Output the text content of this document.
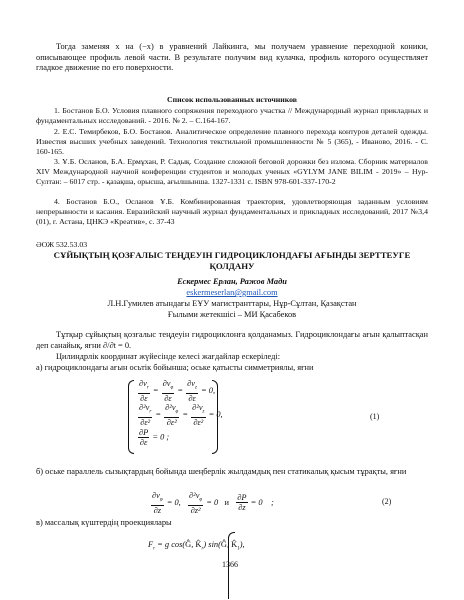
Тогда заменяя x на (−x) в уравнений Лайкинга, мы получаем уравнение переходной коники, описывающее профиль левой части. В результате получим вид кулачка, профиль которого осуществляет гладкое движение по его поверхности.
Список использованных источников
1. Бостанов Б.О. Условия плавного сопряжения переходного участка // Международный журнал прикладных и фундаментальных исследований. - 2016. № 2. – С.164-167.
2. Е.С. Темирбеков, Б.О. Бостанов. Аналитическое определение плавного перехода контуров деталей одежды. Известия высших учебных заведений. Технология текстильной промышленности № 5 (365), - Иваново, 2016. - С. 160-165.
3. Ұ.Б. Осланов, Б.А. Ермұхан, Р. Садық. Создание сложной беговой дорожки без излома. Сборник материалов XIV Международной научной конференции студентов и молодых ученых «GYLYM JANE BILIM - 2019» – Нур-Султан: – 6017 стр. - қазақша, орысша, ағылшынша. 1327-1331 с. ISBN 978-601-337-170-2
4. Бостанов Б.О., Осланов Ұ.Б. Комбинированная траектория, удовлетворяющая заданным условиям непрерывности и касания. Евразийский научный журнал фундаментальных и прикладных исследований, 2017 №3,4 (01), г. Астана, ЦНКЭ «Креатив», с. 37-43
ӘОЖ 532.53.03
СҰЙЫҚТЫҢ ҚОЗҒАЛЫС ТЕҢДЕУІН ГИДРОЦИКЛОНДАҒЫ АҒЫНДЫ ЗЕРТТЕУГЕ ҚОЛДАНУ
Ескермес Ерлан, Ражов Мади
eskermeserlan@gmail.com
Л.Н.Гумилев атындағы ЕҰУ магистранттары, Нұр-Сұлтан, Қазақстан
Ғылыми жетекшісі – МИ Қасабеков
Тұтқыр сұйықтың қозғалыс теңдеуін гидроциклонға қолданамыз. Гидроциклондағы ағын қалыптасқан деп санайық, яғни ∂/∂t = 0.
Цилиндрлік координат жүйесінде келесі жағдайлар ескеріледі:
а) гидроциклондағы ағын осьтік бойынша; оське қатысты симметриялы, яғни
$\frac{\partial v_r}{\partial\varepsilon} = \frac{\partial v_\varphi}{\partial\varepsilon} = \frac{\partial v_z}{\partial\varepsilon} = 0$,
$\frac{\partial^2v_r}{\text{∂ε²}} = \frac{\partial^2v_\varphi}{\text{∂ε²}} = \frac{\partial^2v_z}{\text{∂ε²}} = 0$,
$\frac{\partial P}{\partial\varepsilon} = 0$ ;
(1)
б) оське параллель сызықтардың бойында шеңберлік жылдамдық пен статикалық қысым тұрақты, яғни
$\frac{\partial v_\varphi}{\partial z} = 0$, $\frac{\partial^2v_\varphi}{\text{∂z²}} = 0$   и $\frac{\partial P}{\partial z} = 0$    ;	(2)
в) массалық күштердің проекциялары
$F_r = g$ cos(Ĝ, $K̂_r$) sin(Ĝ, $K̂_1$),
1366
